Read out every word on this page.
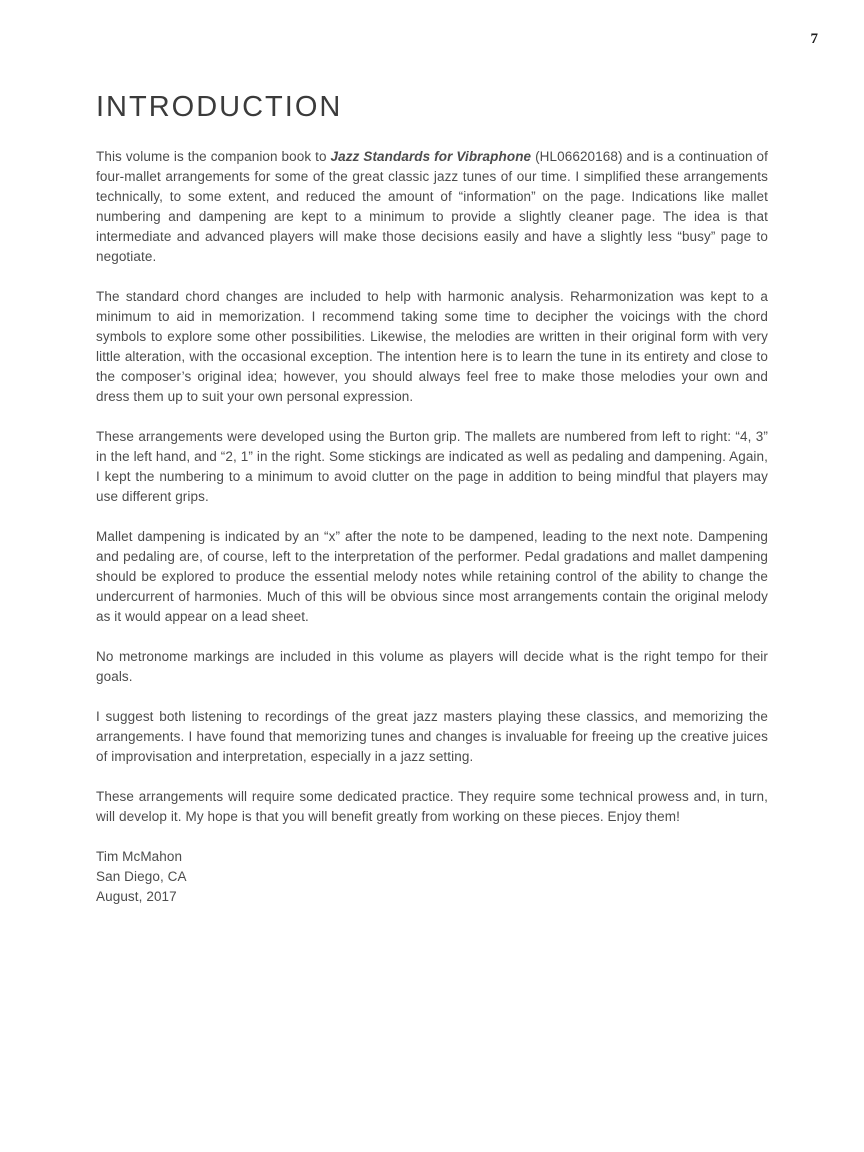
7
INTRODUCTION

This volume is the companion book to Jazz Standards for Vibraphone (HL06620168) and is a continuation of four-mallet arrangements for some of the great classic jazz tunes of our time. I simplified these arrangements technically, to some extent, and reduced the amount of “information” on the page. Indications like mallet numbering and dampening are kept to a minimum to provide a slightly cleaner page. The idea is that intermediate and advanced players will make those decisions easily and have a slightly less “busy” page to negotiate.

The standard chord changes are included to help with harmonic analysis. Reharmonization was kept to a minimum to aid in memorization. I recommend taking some time to decipher the voicings with the chord symbols to explore some other possibilities. Likewise, the melodies are written in their original form with very little alteration, with the occasional exception. The intention here is to learn the tune in its entirety and close to the composer’s original idea; however, you should always feel free to make those melodies your own and dress them up to suit your own personal expression.

These arrangements were developed using the Burton grip. The mallets are numbered from left to right: “4, 3” in the left hand, and “2, 1” in the right. Some stickings are indicated as well as pedaling and dampening. Again, I kept the numbering to a minimum to avoid clutter on the page in addition to being mindful that players may use different grips.

Mallet dampening is indicated by an “x” after the note to be dampened, leading to the next note. Dampening and pedaling are, of course, left to the interpretation of the performer. Pedal gradations and mallet dampening should be explored to produce the essential melody notes while retaining control of the ability to change the undercurrent of harmonies. Much of this will be obvious since most arrangements contain the original melody as it would appear on a lead sheet.

No metronome markings are included in this volume as players will decide what is the right tempo for their goals.

I suggest both listening to recordings of the great jazz masters playing these classics, and memorizing the arrangements. I have found that memorizing tunes and changes is invaluable for freeing up the creative juices of improvisation and interpretation, especially in a jazz setting.

These arrangements will require some dedicated practice. They require some technical prowess and, in turn, will develop it. My hope is that you will benefit greatly from working on these pieces. Enjoy them!

Tim McMahon

San Diego, CA

August, 2017
